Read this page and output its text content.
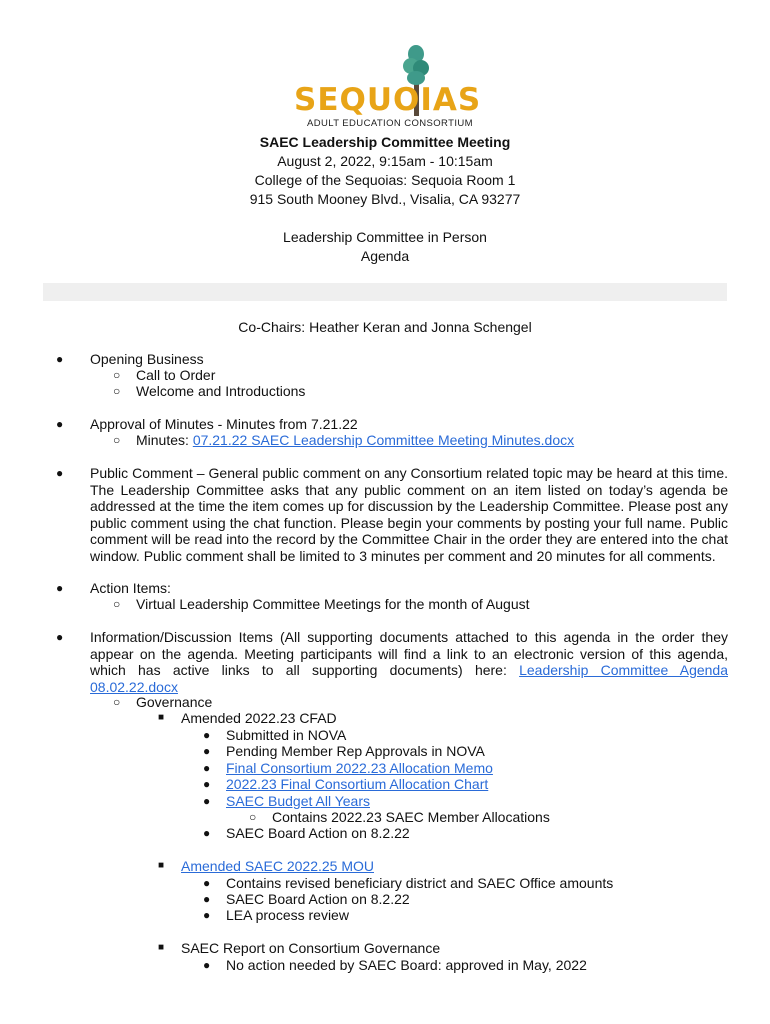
SEQUOIAS
ADULT EDUCATION CONSORTIUM
SAEC Leadership Committee Meeting
August 2, 2022, 9:15am - 10:15am
College of the Sequoias: Sequoia Room 1
915 South Mooney Blvd., Visalia, CA 93277
Leadership Committee in Person
Agenda
Co-Chairs: Heather Keran and Jonna Schengel
● Opening Business
○ Call to Order
○ Welcome and Introductions
● Approval of Minutes - Minutes from 7.21.22
○ Minutes: 07.21.22 SAEC Leadership Committee Meeting Minutes.docx
● Public Comment – General public comment on any Consortium related topic may be heard at this time. The Leadership Committee asks that any public comment on an item listed on today’s agenda be addressed at the time the item comes up for discussion by the Leadership Committee. Please post any public comment using the chat function. Please begin your comments by posting your full name. Public comment will be read into the record by the Committee Chair in the order they are entered into the chat window. Public comment shall be limited to 3 minutes per comment and 20 minutes for all comments.
● Action Items:
○ Virtual Leadership Committee Meetings for the month of August
● Information/Discussion Items (All supporting documents attached to this agenda in the order they appear on the agenda. Meeting participants will find a link to an electronic version of this agenda, which has active links to all supporting documents) here: Leadership Committee Agenda 08.02.22.docx
○ Governance
■ Amended 2022.23 CFAD
● Submitted in NOVA
● Pending Member Rep Approvals in NOVA
● Final Consortium 2022.23 Allocation Memo
● 2022.23 Final Consortium Allocation Chart
● SAEC Budget All Years
○ Contains 2022.23 SAEC Member Allocations
● SAEC Board Action on 8.2.22
■ Amended SAEC 2022.25 MOU
● Contains revised beneficiary district and SAEC Office amounts
● SAEC Board Action on 8.2.22
● LEA process review
■ SAEC Report on Consortium Governance
● No action needed by SAEC Board: approved in May, 2022
